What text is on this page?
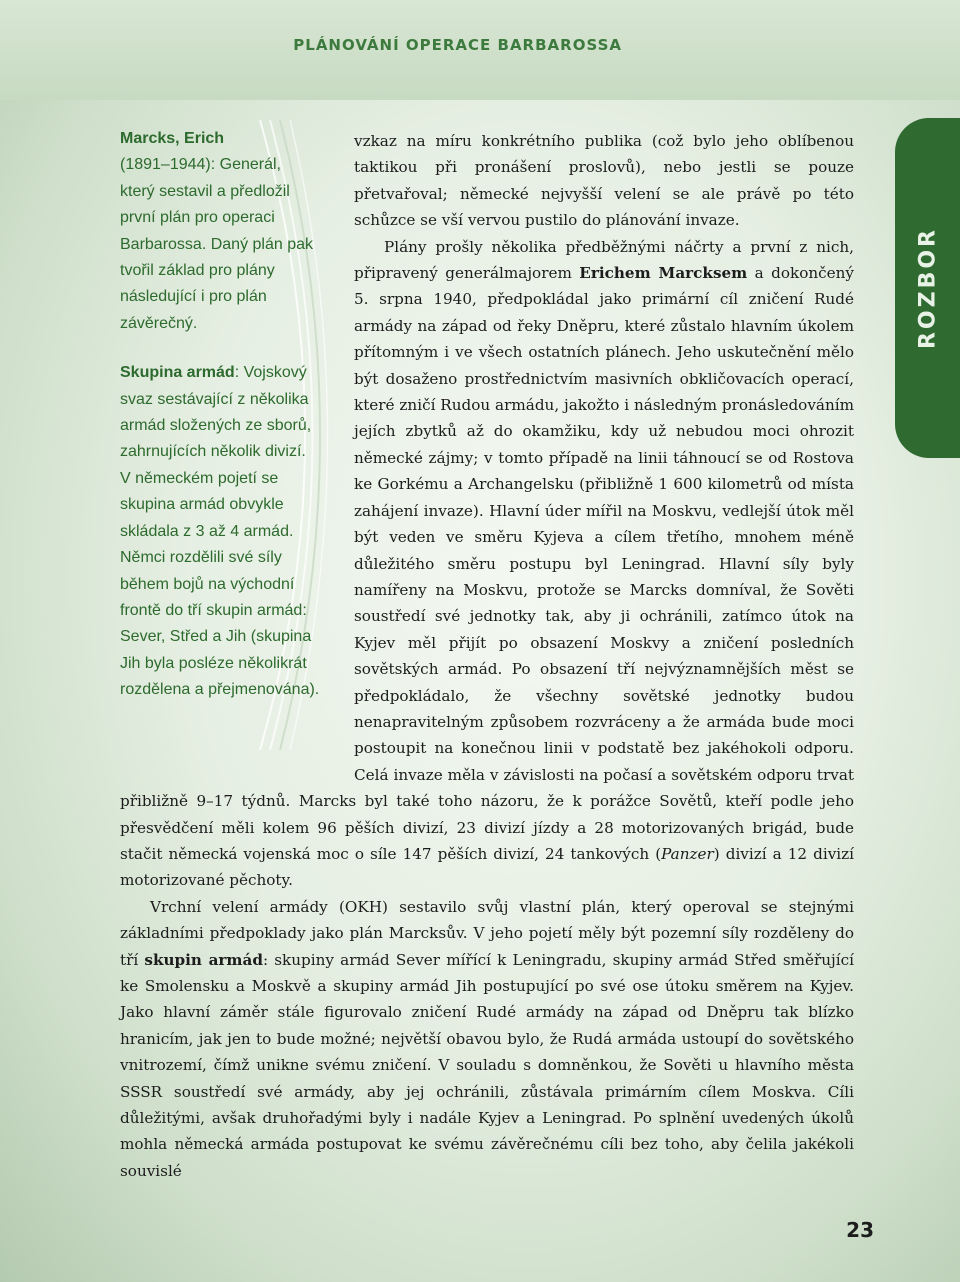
PLÁNOVÁNÍ OPERACE BARBAROSSA

Marcks, Erich
(1891–1944): Generál, který sestavil a předložil první plán pro operaci Barbarossa. Daný plán pak tvořil základ pro plány následující i pro plán závěrečný.

Skupina armád: Vojskový svaz sestávající z několika armád složených ze sborů, zahrnujících několik divizí. V německém pojetí se skupina armád obvykle skládala z 3 až 4 armád. Němci rozdělili své síly během bojů na východní frontě do tří skupin armád: Sever, Střed a Jih (skupina Jih byla posléze několikrát rozdělena a přejmenována).

vzkaz na míru konkrétního publika (což bylo jeho oblíbenou taktikou při pronášení proslovů), nebo jestli se pouze přetvařoval; německé nejvyšší velení se ale právě po této schůzce se vší vervou pustilo do plánování invaze.

Plány prošly několika předběžnými náčrty a první z nich, připravený generálmajorem Erichem Marcksem a dokončený 5. srpna 1940, předpokládal jako primární cíl zničení Rudé armády na západ od řeky Dněpru, které zůstalo hlavním úkolem přítomným i ve všech ostatních plánech. Jeho uskutečnění mělo být dosaženo prostřednictvím masivních obkličovacích operací, které zničí Rudou armádu, jakožto i následným pronásledováním jejích zbytků až do okamžiku, kdy už nebudou moci ohrozit německé zájmy; v tomto případě na linii táhnoucí se od Rostova ke Gorkému a Archangelsku (přibližně 1 600 kilometrů od místa zahájení invaze). Hlavní úder mířil na Moskvu, vedlejší útok měl být veden ve směru Kyjeva a cílem třetího, mnohem méně důležitého směru postupu byl Leningrad. Hlavní síly byly namířeny na Moskvu, protože se Marcks domníval, že Sověti soustředí své jednotky tak, aby ji ochránili, zatímco útok na Kyjev měl přijít po obsazení Moskvy a zničení posledních sovětských armád. Po obsazení tří nejvýznamnějších měst se předpokládalo, že všechny sovětské jednotky budou nenapravitelným způsobem rozvráceny a že armáda bude moci postoupit na konečnou linii v podstatě bez jakéhokoli odporu. Celá invaze měla v závislosti na počasí a sovětském odporu trvat přibližně 9–17 týdnů. Marcks byl také toho názoru, že k porážce Sovětů, kteří podle jeho přesvědčení měli kolem 96 pěších divizí, 23 divizí jízdy a 28 motorizovaných brigád, bude stačit německá vojenská moc o síle 147 pěších divizí, 24 tankových (Panzer) divizí a 12 divizí motorizované pěchoty.

Vrchní velení armády (OKH) sestavilo svůj vlastní plán, který operoval se stejnými základními předpoklady jako plán Marcksův. V jeho pojetí měly být pozemní síly rozděleny do tří skupin armád: skupiny armád Sever mířící k Leningradu, skupiny armád Střed směřující ke Smolensku a Moskvě a skupiny armád Jih postupující po své ose útoku směrem na Kyjev. Jako hlavní záměr stále figurovalo zničení Rudé armády na západ od Dněpru tak blízko hranicím, jak jen to bude možné; největší obavou bylo, že Rudá armáda ustoupí do sovětského vnitrozemí, čímž unikne svému zničení. V souladu s domněnkou, že Sověti u hlavního města SSSR soustředí své armády, aby jej ochránili, zůstávala primárním cílem Moskva. Cíli důležitými, avšak druhořadými byly i nadále Kyjev a Leningrad. Po splnění uvedených úkolů mohla německá armáda postupovat ke svému závěrečnému cíli bez toho, aby čelila jakékoli souvislé

ROZBOR
23
